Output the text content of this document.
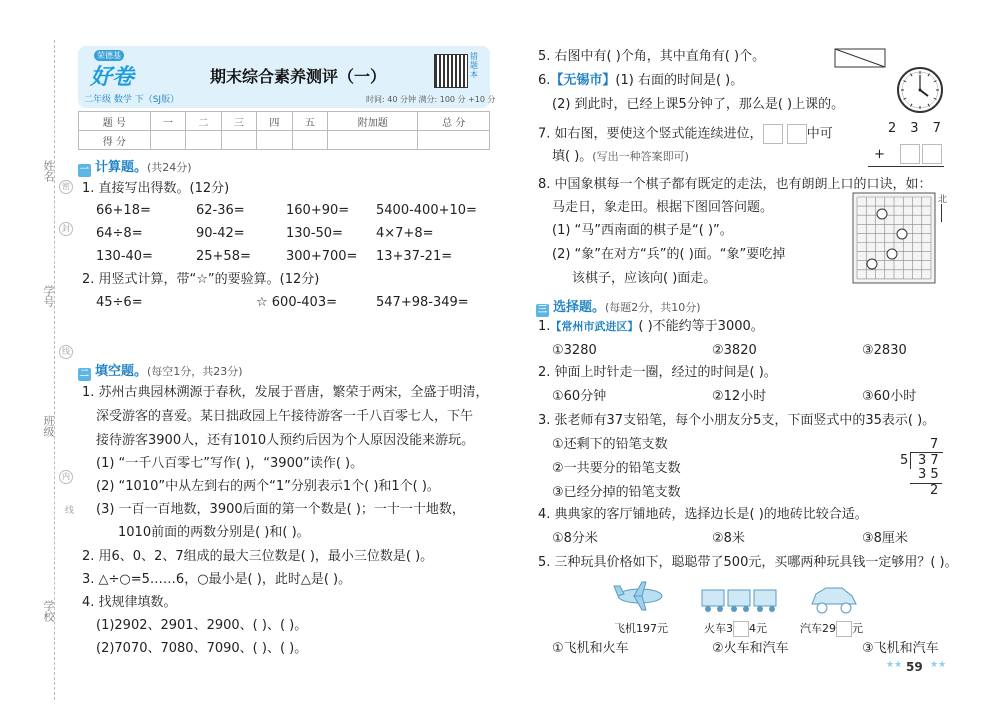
姓名
学号
班级
学校
密
封
线
内
线
荣德基
好卷
二年级 数学 下（SJ版）
期末综合素养测评（一）
错题本
时间: 40 分钟 满分: 100 分 +10 分
题 号	一	二	三	四	五	附加题	总 分
得 分							
一 计算题。(共24分)
1. 直接写出得数。(12分)
66+18=	62-36=	160+90= 5400-400+10=
64÷8=	90-42=	130-50=	4×7+8=
130-40=	25+58=	300+700= 13+37-21=
2. 用竖式计算，带“☆”的要验算。(12分)
45÷6=	☆ 600-403=	547+98-349=
二 填空题。(每空1分，共23分)
1. 苏州古典园林溯源于春秋，发展于晋唐，繁荣于两宋，全盛于明清，
深受游客的喜爱。某日拙政园上午接待游客一千八百零七人，下午
接待游客3900人，还有1010人预约后因为个人原因没能来游玩。
(1) “一千八百零七”写作( )，“3900”读作( )。
(2) “1010”中从左到右的两个“1”分别表示1个( )和1个( )。
(3) 一百一百地数，3900后面的第一个数是( )；一十一十地数，
1010前面的两数分别是( )和( )。
2. 用6、0、2、7组成的最大三位数是( )，最小三位数是( )。
3. △÷○=5……6，○最小是( )，此时△是( )。
4. 找规律填数。
(1)2902、2901、2900、( )、( )。
(2)7070、7080、7090、( )、( )。
5. 右图中有( )个角，其中直角有( )个。
6.【无锡市】(1) 右面的时间是( )。
(2) 到此时，已经上课5分钟了，那么是( )上课的。
7. 如右图，要使这个竖式能连续进位，	中可
填( )。(写出一种答案即可)
237
+
8. 中国象棋每一个棋子都有既定的走法，也有朗朗上口的口诀，如：
马走日，象走田。根据下图回答问题。
(1) “马”西南面的棋子是“( )”。
(2) “象”在对方“兵”的( )面。“象”要吃掉
该棋子，应该向( )面走。
北
三 选择题。(每题2分，共10分)
1.【常州市武进区】( )不能约等于3000。
①3280	②3820	③2830
2. 钟面上时针走一圈，经过的时间是( )。
①60分钟	②12小时	③60小时
3. 张老师有37支铅笔，每个小朋友分5支，下面竖式中的35表示( )。
①还剩下的铅笔支数
②一共要分的铅笔支数
③已经分掉的铅笔支数
7
5 3 7
3 5
2
4. 典典家的客厅铺地砖，选择边长是( )的地砖比较合适。
①8分米	②8米	③8厘米
5. 三种玩具价格如下，聪聪带了500元，买哪两种玩具钱一定够用？( )。
飞机197元	火车3 4元	汽车29 元
①飞机和火车	②火车和汽车	③飞机和汽车
★★ 59 ★★
